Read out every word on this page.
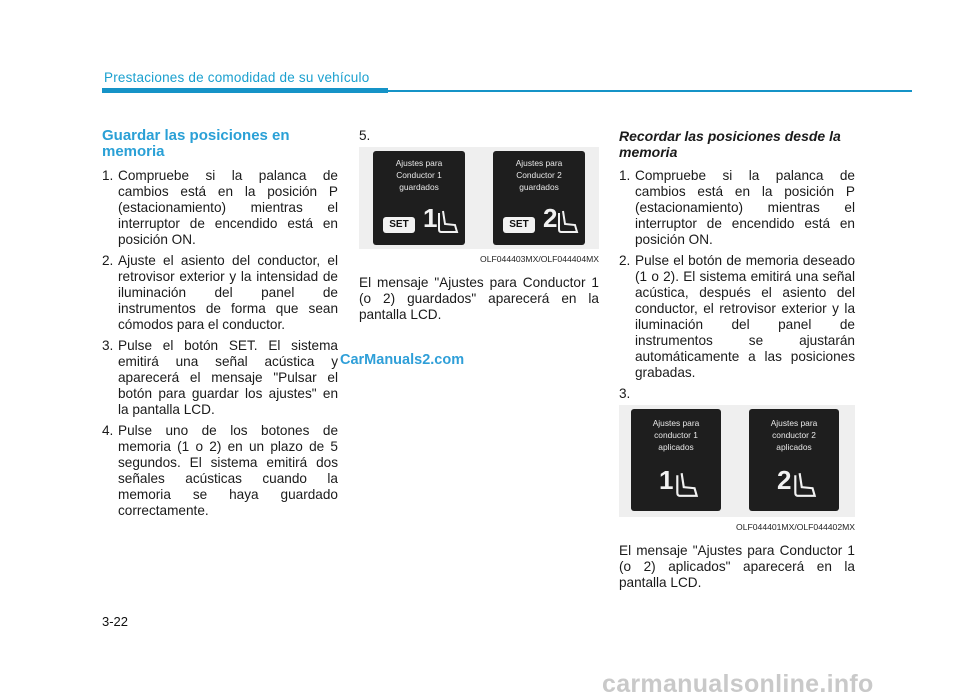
Prestaciones de comodidad de su vehículo
Guardar las posiciones en memoria
1. Compruebe si la palanca de cambios está en la posición P (estacionamiento) mientras el interruptor de encendido está en posición ON.
2. Ajuste el asiento del conductor, el retrovisor exterior y la intensidad de iluminación del panel de instrumentos de forma que sean cómodos para el conductor.
3. Pulse el botón SET. El sistema emitirá una señal acústica y aparecerá el mensaje "Pulsar el botón para guardar los ajustes" en la pantalla LCD.
4. Pulse uno de los botones de memoria (1 o 2) en un plazo de 5 segundos. El sistema emitirá dos señales acústicas cuando la memoria se haya guardado correctamente.
5.
Ajustes para
Conductor 1
guardados
SET 1
Ajustes para
Conductor 2
guardados
SET 2
OLF044403MX/OLF044404MX
El mensaje "Ajustes para Conductor 1 (o 2) guardados" aparecerá en la pantalla LCD.
Recordar las posiciones desde la memoria
1. Compruebe si la palanca de cambios está en la posición P (estacionamiento) mientras el interruptor de encendido está en posición ON.
2. Pulse el botón de memoria deseado (1 o 2). El sistema emitirá una señal acústica, después el asiento del conductor, el retrovisor exterior y la iluminación del panel de instrumentos se ajustarán automáticamente a las posiciones grabadas.
3.
Ajustes para
conductor 1
aplicados
1
Ajustes para
conductor 2
aplicados
2
OLF044401MX/OLF044402MX
El mensaje "Ajustes para Conductor 1 (o 2) aplicados" aparecerá en la pantalla LCD.
CarManuals2.com
3-22
carmanualsonline.info
